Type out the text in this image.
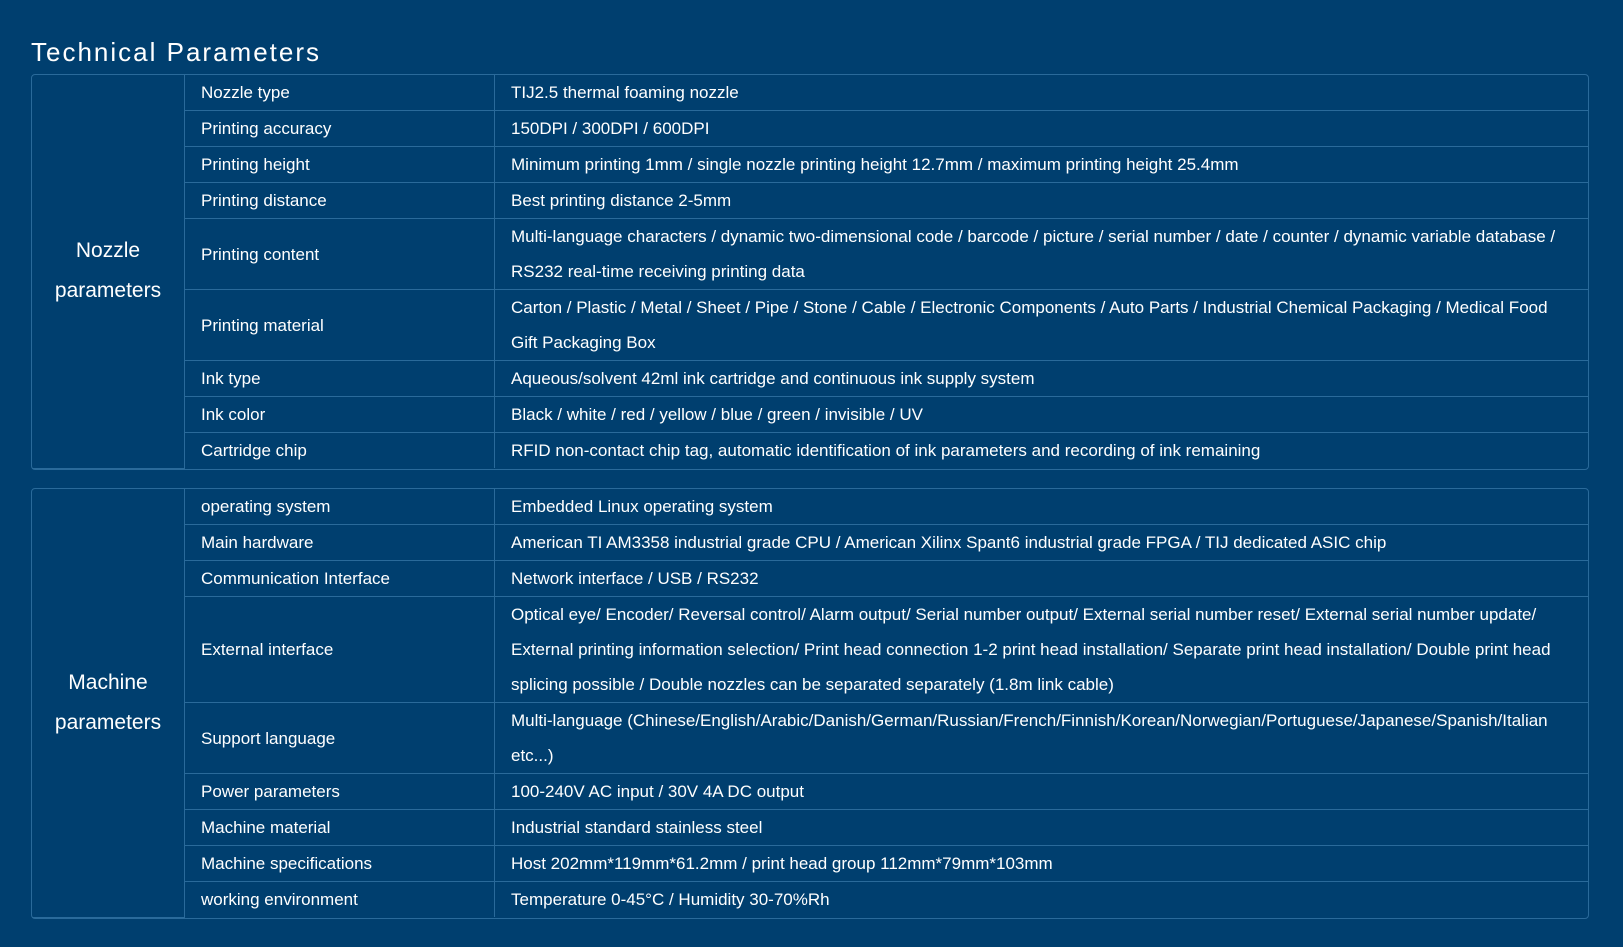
Technical Parameters
Nozzle
parameters	Nozzle type	TIJ2.5 thermal foaming nozzle
	Printing accuracy	150DPI / 300DPI / 600DPI
	Printing height	Minimum printing 1mm / single nozzle printing height 12.7mm / maximum printing height 25.4mm
	Printing distance	Best printing distance 2-5mm
	Printing content	Multi-language characters / dynamic two-dimensional code / barcode / picture / serial number / date / counter / dynamic variable database / RS232 real-time receiving printing data
	Printing material	Carton / Plastic / Metal / Sheet / Pipe / Stone / Cable / Electronic Components / Auto Parts / Industrial Chemical Packaging / Medical Food Gift Packaging Box
	Ink type	Aqueous/solvent 42ml ink cartridge and continuous ink supply system
	Ink color	Black / white / red / yellow / blue / green / invisible / UV
	Cartridge chip	RFID non-contact chip tag, automatic identification of ink parameters and recording of ink remaining
Machine
parameters	operating system	Embedded Linux operating system
	Main hardware	American TI AM3358 industrial grade CPU / American Xilinx Spant6 industrial grade FPGA / TIJ dedicated ASIC chip
	Communication Interface	Network interface / USB / RS232
	External interface	Optical eye/ Encoder/ Reversal control/ Alarm output/ Serial number output/ External serial number reset/ External serial number update/ External printing information selection/ Print head connection 1-2 print head installation/ Separate print head installation/ Double print head splicing possible / Double nozzles can be separated separately (1.8m link cable)
	Support language	Multi-language (Chinese/English/Arabic/Danish/German/Russian/French/Finnish/Korean/Norwegian/Portuguese/Japanese/Spanish/Italian etc...)
	Power parameters	100-240V AC input / 30V 4A DC output
	Machine material	Industrial standard stainless steel
	Machine specifications	Host 202mm*119mm*61.2mm / print head group 112mm*79mm*103mm
	working environment	Temperature 0-45°C / Humidity 30-70%Rh
